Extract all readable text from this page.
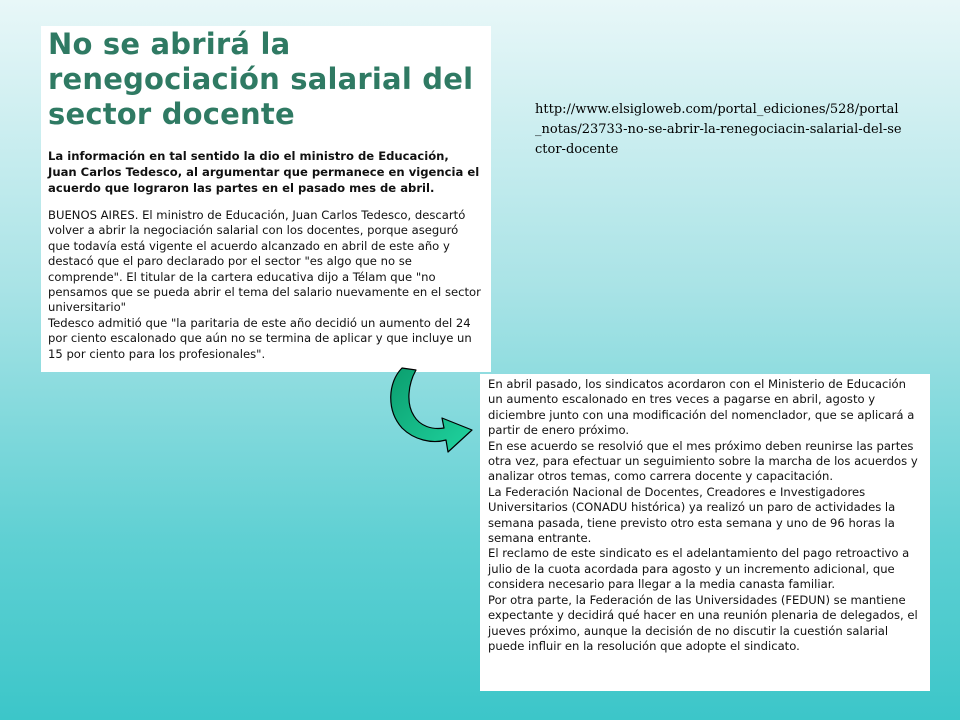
No se abrirá la renegociación salarial del sector docente
La información en tal sentido la dio el ministro de Educación, Juan Carlos Tedesco, al argumentar que permanece en vigencia el acuerdo que lograron las partes en el pasado mes de abril.

BUENOS AIRES. El ministro de Educación, Juan Carlos Tedesco, descartó volver a abrir la negociación salarial con los docentes, porque aseguró que todavía está vigente el acuerdo alcanzado en abril de este año y destacó que el paro declarado por el sector "es algo que no se comprende". El titular de la cartera educativa dijo a Télam que "no pensamos que se pueda abrir el tema del salario nuevamente en el sector universitario"

Tedesco admitió que "la paritaria de este año decidió un aumento del 24 por ciento escalonado que aún no se termina de aplicar y que incluye un 15 por ciento para los profesionales".

http://www.elsigloweb.com/portal_ediciones/528/portal_notas/23733-no-se-abrir-la-renegociacin-salarial-del-sector-docente

En abril pasado, los sindicatos acordaron con el Ministerio de Educación un aumento escalonado en tres veces a pagarse en abril, agosto y diciembre junto con una modificación del nomenclador, que se aplicará a partir de enero próximo.

En ese acuerdo se resolvió que el mes próximo deben reunirse las partes otra vez, para efectuar un seguimiento sobre la marcha de los acuerdos y analizar otros temas, como carrera docente y capacitación.

La Federación Nacional de Docentes, Creadores e Investigadores Universitarios (CONADU histórica) ya realizó un paro de actividades la semana pasada, tiene previsto otro esta semana y uno de 96 horas la semana entrante.

El reclamo de este sindicato es el adelantamiento del pago retroactivo a julio de la cuota acordada para agosto y un incremento adicional, que considera necesario para llegar a la media canasta familiar.

Por otra parte, la Federación de las Universidades (FEDUN) se mantiene expectante y decidirá qué hacer en una reunión plenaria de delegados, el jueves próximo, aunque la decisión de no discutir la cuestión salarial puede influir en la resolución que adopte el sindicato.
